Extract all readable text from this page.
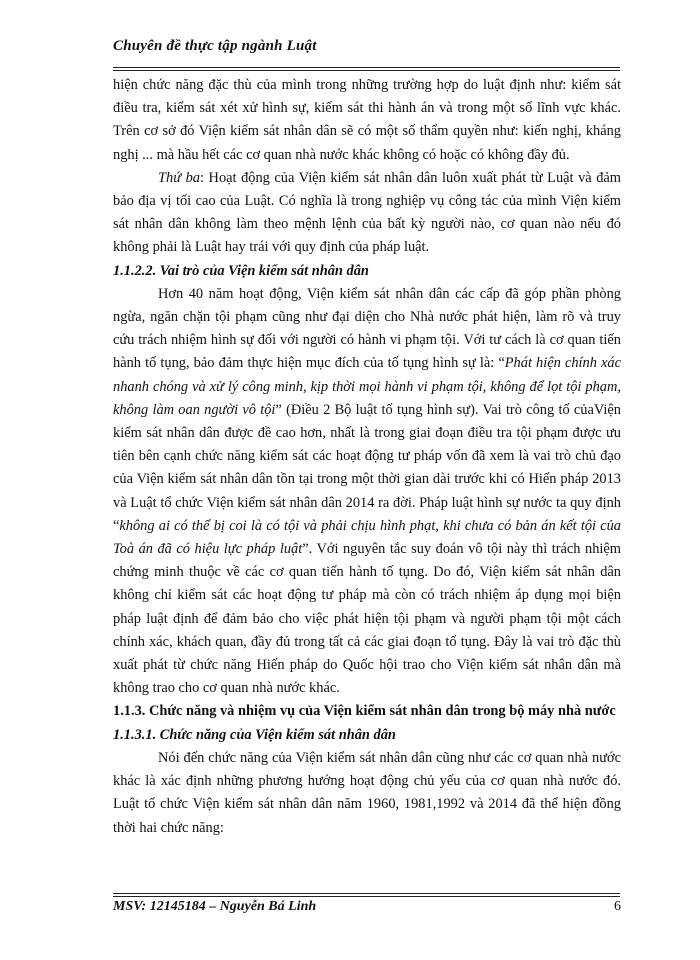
Chuyên đề thực tập ngành Luật

hiện chức năng đặc thù của mình trong những trường hợp do luật định như: kiểm sát điều tra, kiểm sát xét xử hình sự, kiểm sát thi hành án và trong một số lĩnh vực khác. Trên cơ sở đó Viện kiểm sát nhân dân sẽ có một số thẩm quyền như: kiến nghị, kháng nghị ... mà hầu hết các cơ quan nhà nước khác không có hoặc có không đầy đủ.

Thứ ba: Hoạt động của Viện kiểm sát nhân dân luôn xuất phát từ Luật và đảm bảo địa vị tối cao của Luật. Có nghĩa là trong nghiệp vụ công tác của mình Viện kiểm sát nhân dân không làm theo mệnh lệnh của bất kỳ người nào, cơ quan nào nếu đó không phải là Luật hay trái với quy định của pháp luật.

1.1.2.2. Vai trò của Viện kiểm sát nhân dân

Hơn 40 năm hoạt động, Viện kiểm sát nhân dân các cấp đã góp phần phòng ngừa, ngăn chặn tội phạm cũng như đại diện cho Nhà nước phát hiện, làm rõ và truy cứu trách nhiệm hình sự đối với người có hành vi phạm tội. Với tư cách là cơ quan tiến hành tố tụng, bảo đảm thực hiện mục đích của tố tụng hình sự là: “Phát hiện chính xác nhanh chóng và xử lý công minh, kịp thời mọi hành vi phạm tội, không để lọt tội phạm, không làm oan người vô tội” (Điều 2 Bộ luật tố tụng hình sự). Vai trò công tố củaViện kiểm sát nhân dân được đề cao hơn, nhất là trong giai đoạn điều tra tội phạm được ưu tiên bên cạnh chức năng kiểm sát các hoạt động tư pháp vốn đã xem là vai trò chủ đạo của Viện kiểm sát nhân dân tồn tại trong một thời gian dài trước khi có Hiến pháp 2013 và Luật tổ chức Viện kiểm sát nhân dân 2014 ra đời. Pháp luật hình sự nước ta quy định “không ai có thể bị coi là có tội và phải chịu hình phạt, khi chưa có bản án kết tội của Toà án đã có hiệu lực pháp luật”. Với nguyên tắc suy đoán vô tội này thì trách nhiệm chứng minh thuộc về các cơ quan tiến hành tố tụng. Do đó, Viện kiểm sát nhân dân không chỉ kiểm sát các hoạt động tư pháp mà còn có trách nhiệm áp dụng mọi biện pháp luật định để đảm bảo cho việc phát hiện tội phạm và người phạm tội một cách chính xác, khách quan, đầy đủ trong tất cả các giai đoạn tố tụng. Đây là vai trò đặc thù xuất phát từ chức năng Hiến pháp do Quốc hội trao cho Viện kiểm sát nhân dân mà không trao cho cơ quan nhà nước khác.

1.1.3. Chức năng và nhiệm vụ của Viện kiểm sát nhân dân trong bộ máy nhà nước

1.1.3.1. Chức năng của Viện kiểm sát nhân dân

Nói đến chức năng của Viện kiểm sát nhân dân cũng như các cơ quan nhà nước khác là xác định những phương hướng hoạt động chủ yếu của cơ quan nhà nước đó. Luật tổ chức Viện kiểm sát nhân dân năm 1960, 1981,1992 và 2014 đã thể hiện đồng thời hai chức năng:

MSV: 12145184 – Nguyễn Bá Linh	6
